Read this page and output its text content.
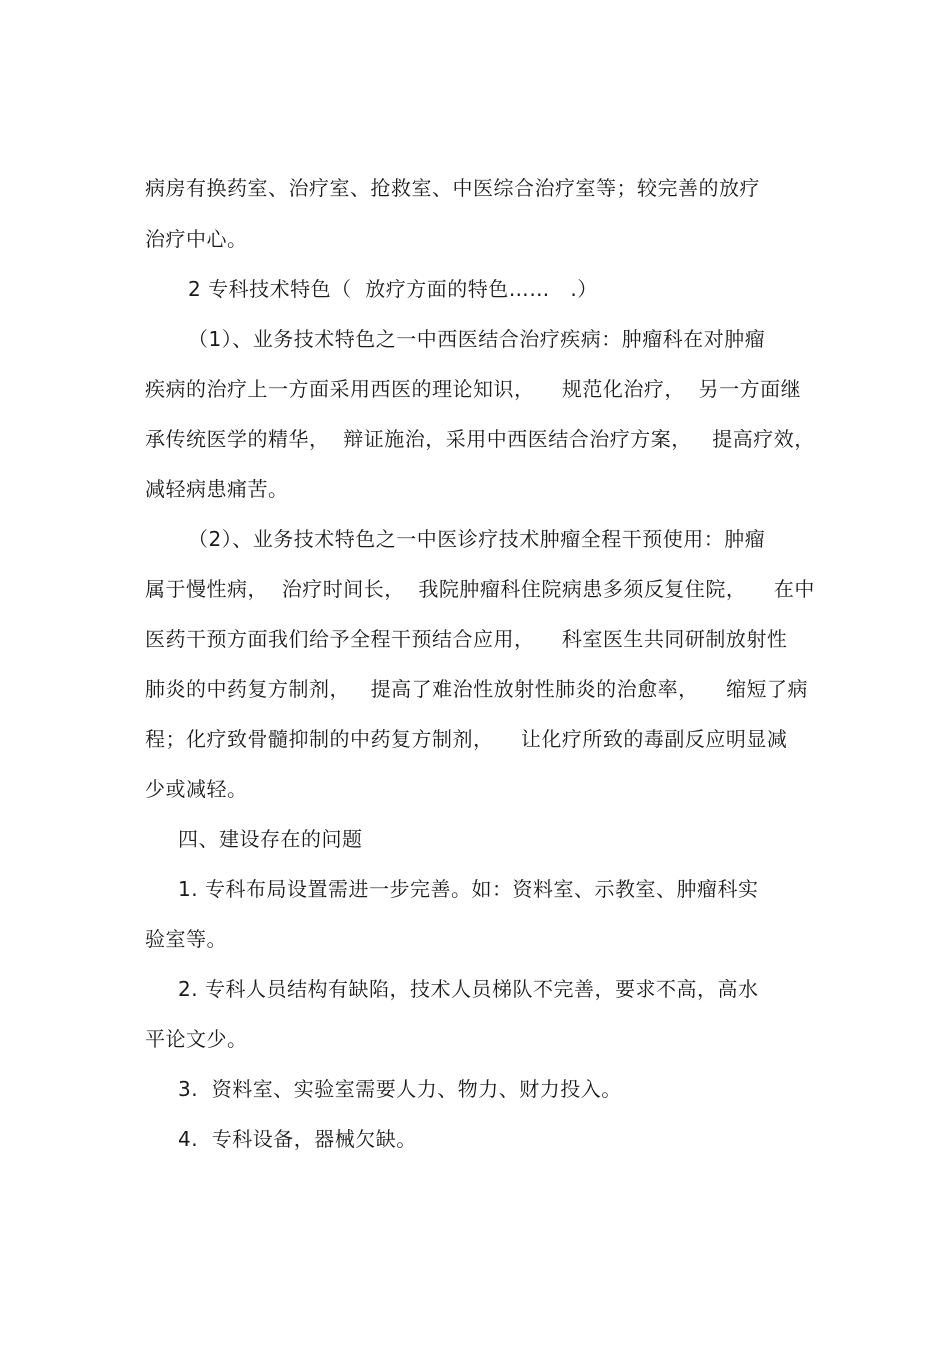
病房有换药室、治疗室、抢救室、中医综合治疗室等；较完善的放疗
治疗中心。
2 专科技术特色（  放疗方面的特色……   .）
（1）、业务技术特色之一中西医结合治疗疾病：肿瘤科在对肿瘤
疾病的治疗上一方面采用西医的理论知识，    规范化治疗，  另一方面继
承传统医学的精华，  辩证施治，采用中西医结合治疗方案，   提高疗效，
减轻病患痛苦。
（2）、业务技术特色之一中医诊疗技术肿瘤全程干预使用：肿瘤
属于慢性病，  治疗时间长，  我院肿瘤科住院病患多须反复住院，    在中
医药干预方面我们给予全程干预结合应用，    科室医生共同研制放射性
肺炎的中药复方制剂，   提高了难治性放射性肺炎的治愈率，    缩短了病
程；化疗致骨髓抑制的中药复方制剂，    让化疗所致的毒副反应明显减
少或减轻。
四、建设存在的问题
1. 专科布局设置需进一步完善。如：资料室、示教室、肿瘤科实
验室等。
2. 专科人员结构有缺陷，技术人员梯队不完善，要求不高，高水
平论文少。
3.  资料室、实验室需要人力、物力、财力投入。
4.  专科设备，器械欠缺。
